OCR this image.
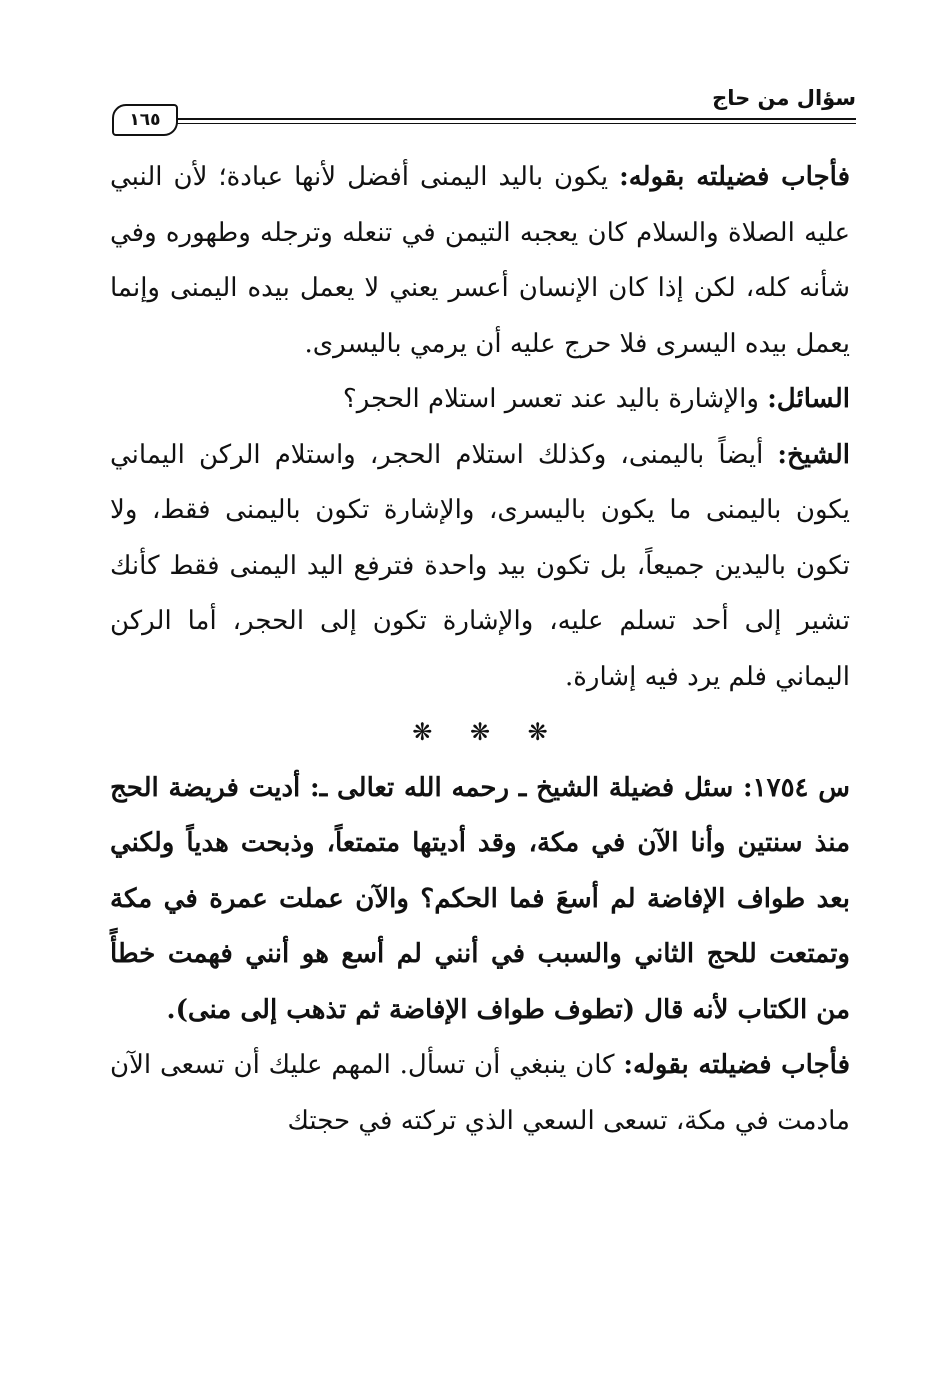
سؤال من حاج
١٦٥

فأجاب فضيلته بقوله: يكون باليد اليمنى أفضل لأنها عبادة؛ لأن النبي عليه الصلاة والسلام كان يعجبه التيمن في تنعله وترجله وطهوره وفي شأنه كله، لكن إذا كان الإنسان أعسر يعني لا يعمل بيده اليمنى وإنما يعمل بيده اليسرى فلا حرج عليه أن يرمي باليسرى.

السائل: والإشارة باليد عند تعسر استلام الحجر؟

الشيخ: أيضاً باليمنى، وكذلك استلام الحجر، واستلام الركن اليماني يكون باليمنى ما يكون باليسرى، والإشارة تكون باليمنى فقط، ولا تكون باليدين جميعاً، بل تكون بيد واحدة فترفع اليد اليمنى فقط كأنك تشير إلى أحد تسلم عليه، والإشارة تكون إلى الحجر، أما الركن اليماني فلم يرد فيه إشارة.

❋ ❋ ❋

س ١٧٥٤: سئل فضيلة الشيخ ـ رحمه الله تعالى ـ: أديت فريضة الحج منذ سنتين وأنا الآن في مكة، وقد أديتها متمتعاً، وذبحت هدياً ولكني بعد طواف الإفاضة لم أسعَ فما الحكم؟ والآن عملت عمرة في مكة وتمتعت للحج الثاني والسبب في أنني لم أسع هو أنني فهمت خطأً من الكتاب لأنه قال (تطوف طواف الإفاضة ثم تذهب إلى منى).

فأجاب فضيلته بقوله: كان ينبغي أن تسأل. المهم عليك أن تسعى الآن مادمت في مكة، تسعى السعي الذي تركته في حجتك
